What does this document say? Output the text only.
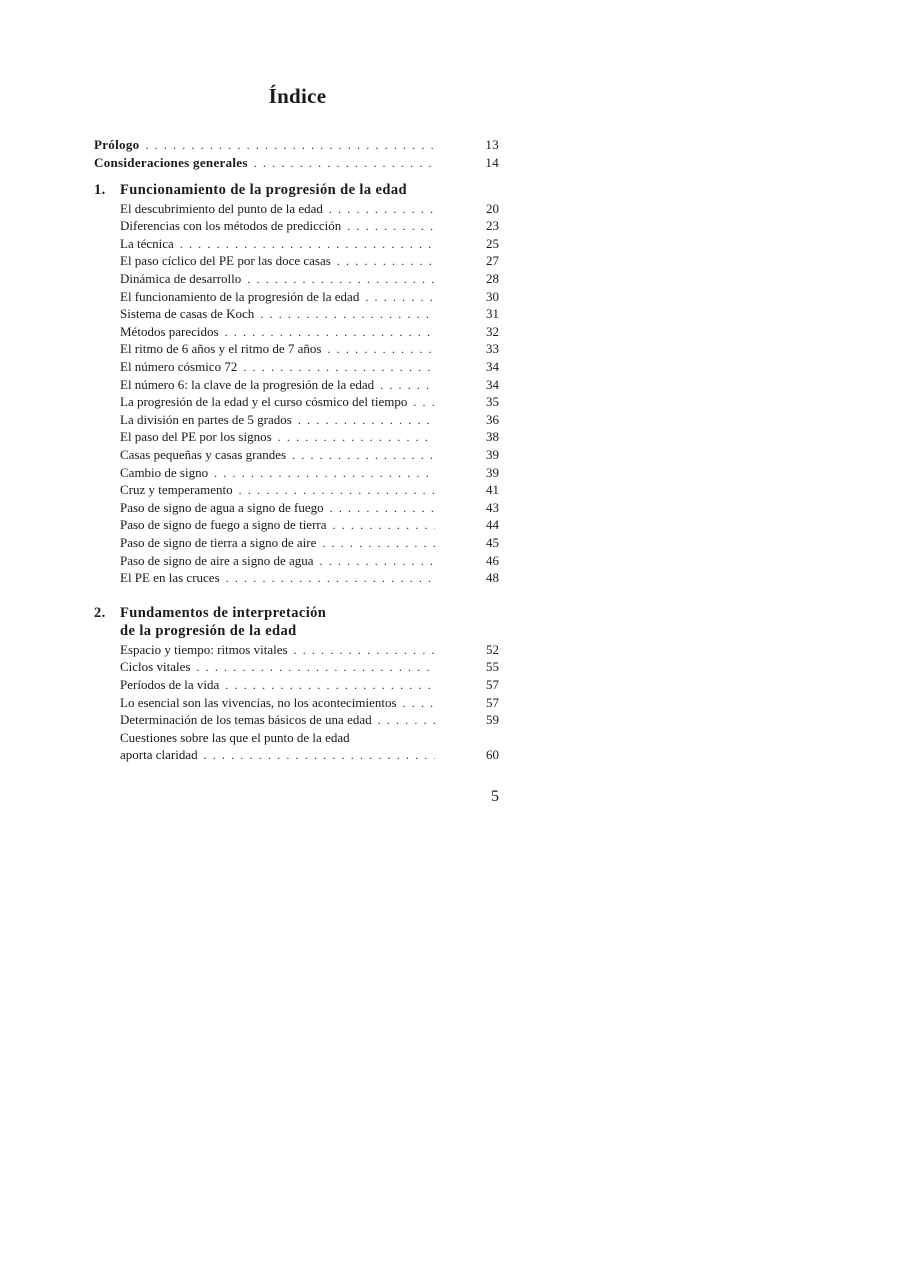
Índice
Prólogo . . .	13
Consideraciones generales . . .	14
1. Funcionamiento de la progresión de la edad
El descubrimiento del punto de la edad . . .	20
Diferencias con los métodos de predicción . . .	23
La técnica . . .	25
El paso cíclico del PE por las doce casas . . .	27
Dinámica de desarrollo . . .	28
El funcionamiento de la progresión de la edad . . .	30
Sistema de casas de Koch . . .	31
Métodos parecidos . . .	32
El ritmo de 6 años y el ritmo de 7 años . . .	33
El número cósmico 72 . . .	34
El número 6: la clave de la progresión de la edad . . .	34
La progresión de la edad y el curso cósmico del tiempo . . .	35
La división en partes de 5 grados . . .	36
El paso del PE por los signos . . .	38
Casas pequeñas y casas grandes . . .	39
Cambio de signo . . .	39
Cruz y temperamento . . .	41
Paso de signo de agua a signo de fuego . . .	43
Paso de signo de fuego a signo de tierra . . .	44
Paso de signo de tierra a signo de aire . . .	45
Paso de signo de aire a signo de agua . . .	46
El PE en las cruces . . .	48
2. Fundamentos de interpretación
de la progresión de la edad
Espacio y tiempo: ritmos vitales . . .	52
Ciclos vitales . . .	55
Períodos de la vida . . .	57
Lo esencial son las vivencias, no los acontecimientos . . .	57
Determinación de los temas básicos de una edad . . .	59
Cuestiones sobre las que el punto de la edad
aporta claridad . . .	60
5
